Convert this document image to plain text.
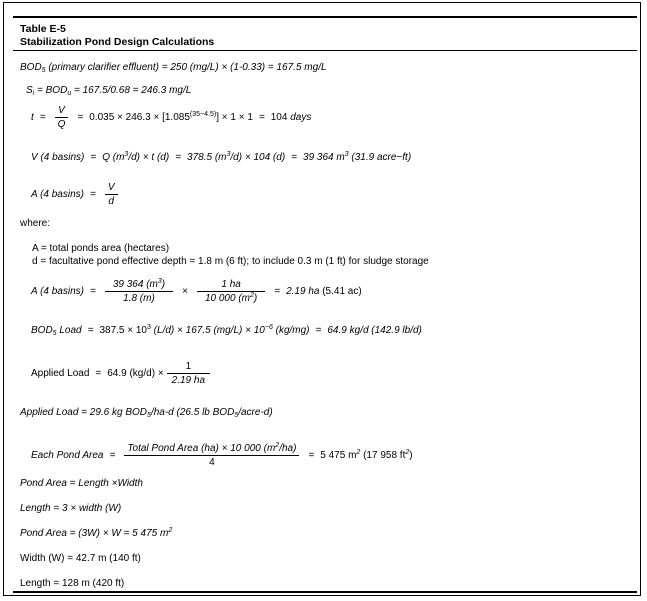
Table E-5
Stabilization Pond Design Calculations
$BOD_5$ (primary clarifier effluent) = 250 (mg/L) × (1-0.33) = 167.5 mg/L
$S_i = BOD_u = 167.5/0.68 = 246.3$ mg/L
$t = \frac{V}{Q} = 0.035 \times 246.3 \times [1.085^{(35-4.5)}] \times 1 \times 1 = 104$ days
V (4 basins) = Q $(m^3/d) \times t$ (d) = 378.5 $(m^3/d) \times 104$ (d) = 39 364 $m^3$ (31.9 acre−ft)
A (4 $basins) = \frac{V}{d}$
where:
A = total ponds area (hectares)
d = facultative pond effective depth = 1.8 m (6 ft); to include 0.3 m (1 ft) for sludge storage
A (4 $basins) = \frac{39 364 (m^3)}{1.8 (m)} \times \frac{1 ha}{10 000 (m^2)} = 2.19$ ha (5.41 ac)
$BOD_5$ Load = $387.5 \times 10^3$ (L/d) × 167.5 $(mg/L) \times 10^{-6}$ (kg/mg) = 64.9 kg/d (142.9 lb/d)
Applied Load = 64.9 $(kg/d) \times \frac{1}{2.19 ha}$
Applied Load = 29.6 kg $BOD_5/ha-d$ (26.5 lb $BOD_5/acre-d$)
Each Pond Area = $\frac{Total Pond Area (ha) \times 10 000 (m^2/ha)}{4} = 5$ 475 $m^2$ (17 958 $ft^2$)
Pond Area = Length ×Width
Length = 3 × width (W)
Pond Area = (3W) × W = 5 475 $m^2$
Width (W) = 42.7 m (140 ft)
Length = 128 m (420 ft)
